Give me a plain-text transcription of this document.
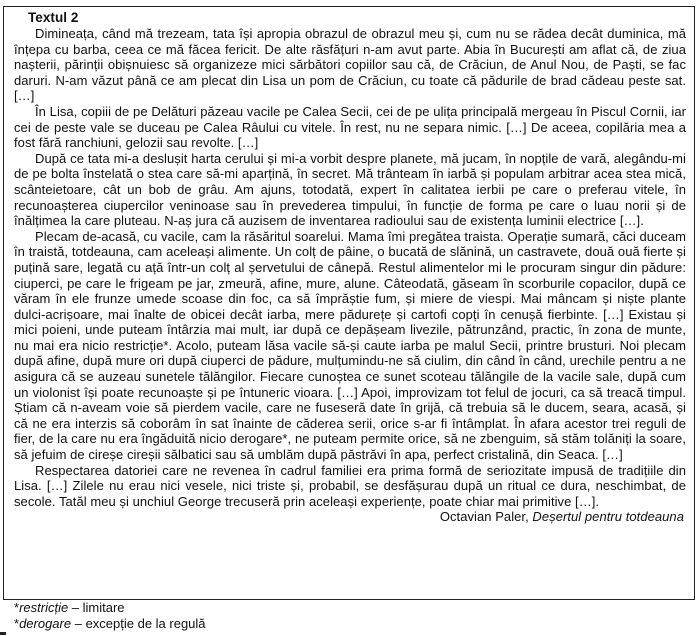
Textul 2

Dimineața, când mă trezeam, tata își apropia obrazul de obrazul meu și, cum nu se rădea decât duminica, mă înțepa cu barba, ceea ce mă făcea fericit. De alte răsfățuri n-am avut parte. Abia în București am aflat că, de ziua nașterii, părinții obișnuiesc să organizeze mici sărbători copiilor sau că, de Crăciun, de Anul Nou, de Paști, se fac daruri. N-am văzut până ce am plecat din Lisa un pom de Crăciun, cu toate că pădurile de brad cădeau peste sat. […]

În Lisa, copiii de pe Delături păzeau vacile pe Calea Secii, cei de pe ulița principală mergeau în Piscul Cornii, iar cei de peste vale se duceau pe Calea Râului cu vitele. În rest, nu ne separa nimic. […] De aceea, copilăria mea a fost fără ranchiuni, gelozii sau revolte. […]

După ce tata mi-a deslușit harta cerului și mi-a vorbit despre planete, mă jucam, în nopțile de vară, alegându-mi de pe bolta înstelată o stea care să-mi aparțină, în secret. Mă trânteam în iarbă și populam arbitrar acea stea mică, scânteietoare, cât un bob de grâu. Am ajuns, totodată, expert în calitatea ierbii pe care o preferau vitele, în recunoașterea ciupercilor veninoase sau în prevederea timpului, în funcție de forma pe care o luau norii și de înălțimea la care pluteau. N-aș jura că auzisem de inventarea radioului sau de existența luminii electrice […].

Plecam de-acasă, cu vacile, cam la răsăritul soarelui. Mama îmi pregătea traista. Operație sumară, căci duceam în traistă, totdeauna, cam aceleași alimente. Un colț de pâine, o bucată de slănină, un castravete, două ouă fierte și puțină sare, legată cu ață într-un colț al șervetului de cânepă. Restul alimentelor mi le procuram singur din pădure: ciuperci, pe care le frigeam pe jar, zmeură, afine, mure, alune. Câteodată, găseam în scorburile copacilor, după ce văram în ele frunze umede scoase din foc, ca să împrăștie fum, și miere de viespi. Mai mâncam și niște plante dulci-acrișoare, mai înalte de obicei decât iarba, mere pădurețe și cartofi copți în cenușă fierbinte. […] Existau și mici poieni, unde puteam întârzia mai mult, iar după ce depășeam livezile, pătrunzând, practic, în zona de munte, nu mai era nicio restricție*. Acolo, puteam lăsa vacile să-și caute iarba pe malul Secii, printre brusturi. Noi plecam după afine, după mure ori după ciuperci de pădure, mulțumindu-ne să ciulim, din când în când, urechile pentru a ne asigura că se auzeau sunetele tălăngilor. Fiecare cunoștea ce sunet scoteau tălăngile de la vacile sale, după cum un violonist își poate recunoaște și pe întuneric vioara. […] Apoi, improvizam tot felul de jocuri, ca să treacă timpul. Știam că n-aveam voie să pierdem vacile, care ne fuseseră date în grijă, că trebuia să le ducem, seara, acasă, și că ne era interzis să coborâm în sat înainte de căderea serii, orice s-ar fi întâmplat. În afara acestor trei reguli de fier, de la care nu era îngăduită nicio derogare*, ne puteam permite orice, să ne zbenguim, să stăm tolăniți la soare, să jefuim de cireșe cireșii sălbatici sau să umblăm după păstrăvi în apa, perfect cristalină, din Seaca. […]

Respectarea datoriei care ne revenea în cadrul familiei era prima formă de seriozitate impusă de tradițiile din Lisa. […] Zilele nu erau nici vesele, nici triste și, probabil, se desfășurau după un ritual ce dura, neschimbat, de secole. Tatăl meu și unchiul George trecuseră prin aceleași experiențe, poate chiar mai primitive […].

Octavian Paler, Deșertul pentru totdeauna

*restricție – limitare

*derogare – excepție de la regulă
